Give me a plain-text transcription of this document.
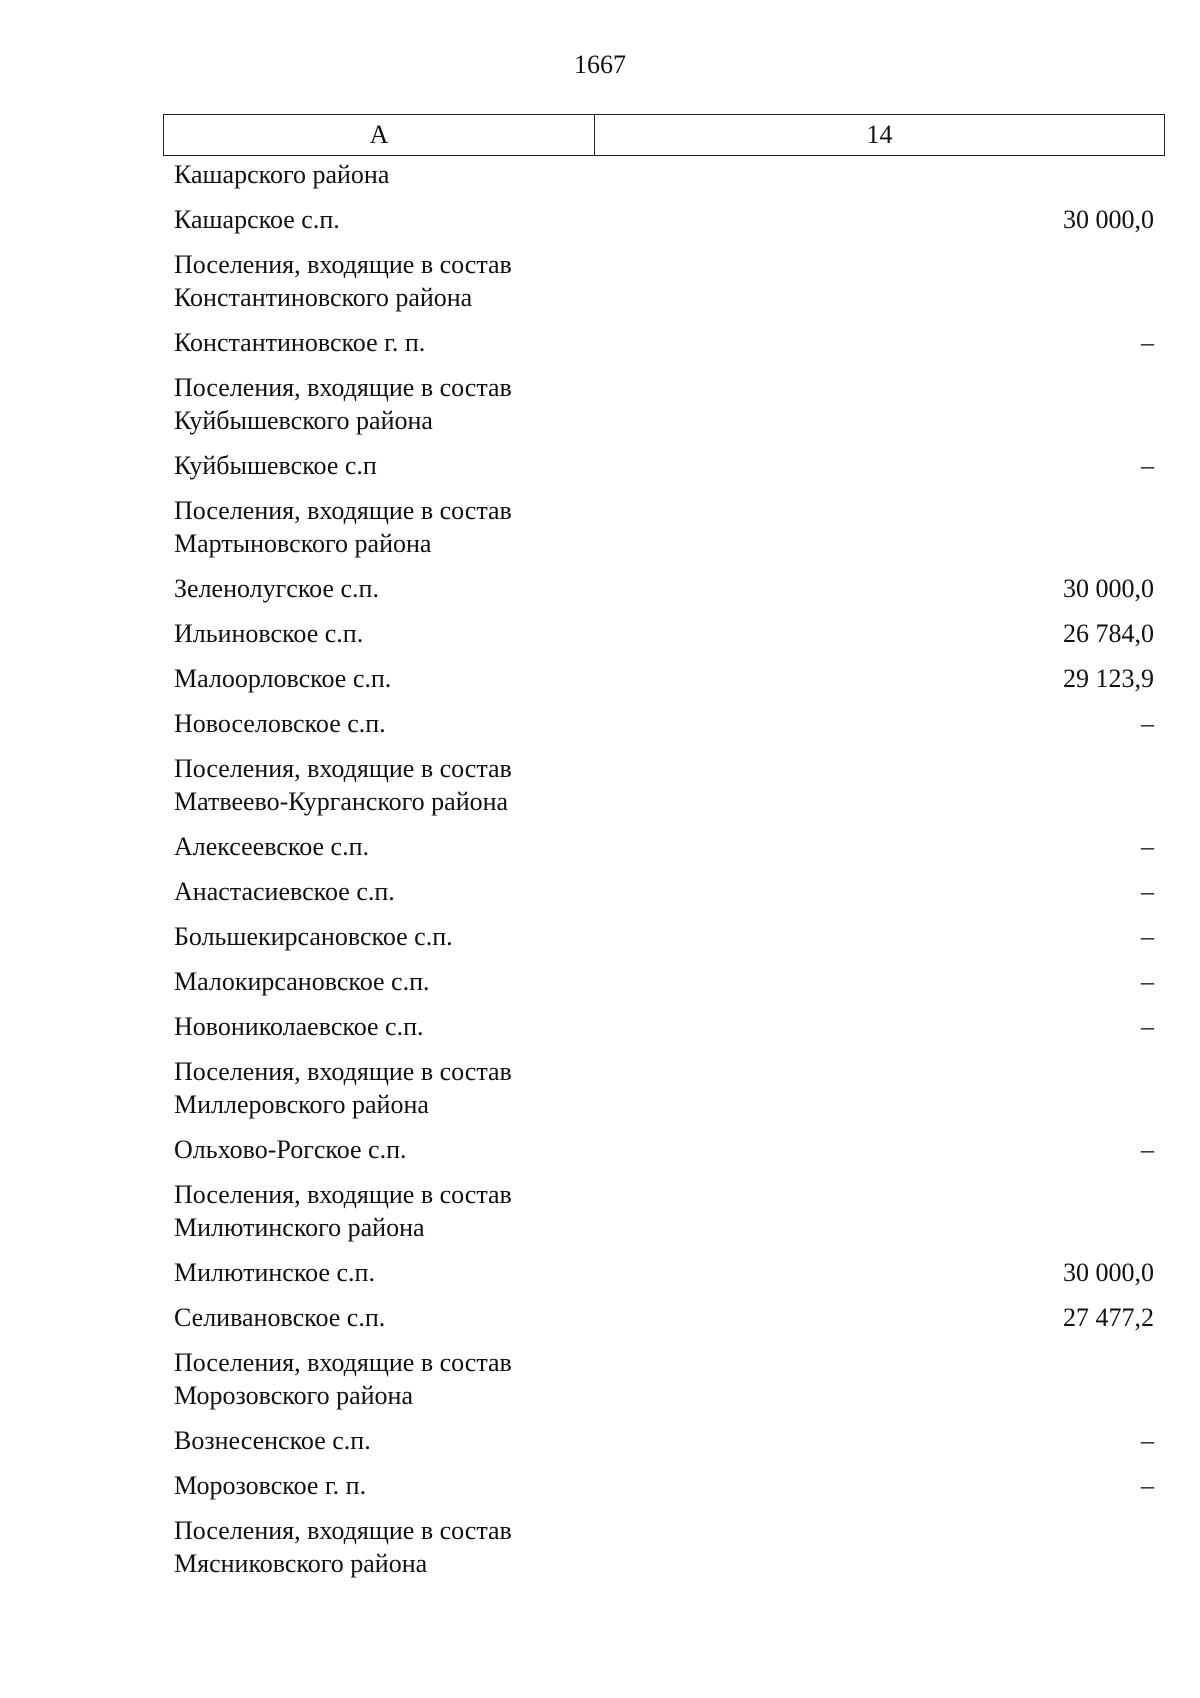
1667
А	14
Кашарского района
Кашарское с.п.	30 000,0
Поселения, входящие в состав Константиновского района
Константиновское г. п.	–
Поселения, входящие в состав Куйбышевского района
Куйбышевское с.п	–
Поселения, входящие в состав Мартыновского района
Зеленолугское с.п.	30 000,0
Ильиновское с.п.	26 784,0
Малоорловское с.п.	29 123,9
Новоселовское с.п.	–
Поселения, входящие в состав Матвеево-Курганского района
Алексеевское с.п.	–
Анастасиевское с.п.	–
Большекирсановское с.п.	–
Малокирсановское с.п.	–
Новониколаевское с.п.	–
Поселения, входящие в состав Миллеровского района
Ольхово-Рогское с.п.	–
Поселения, входящие в состав Милютинского района
Милютинское с.п.	30 000,0
Селивановское с.п.	27 477,2
Поселения, входящие в состав Морозовского района
Вознесенское с.п.	–
Морозовское г. п.	–
Поселения, входящие в состав Мясниковского района
